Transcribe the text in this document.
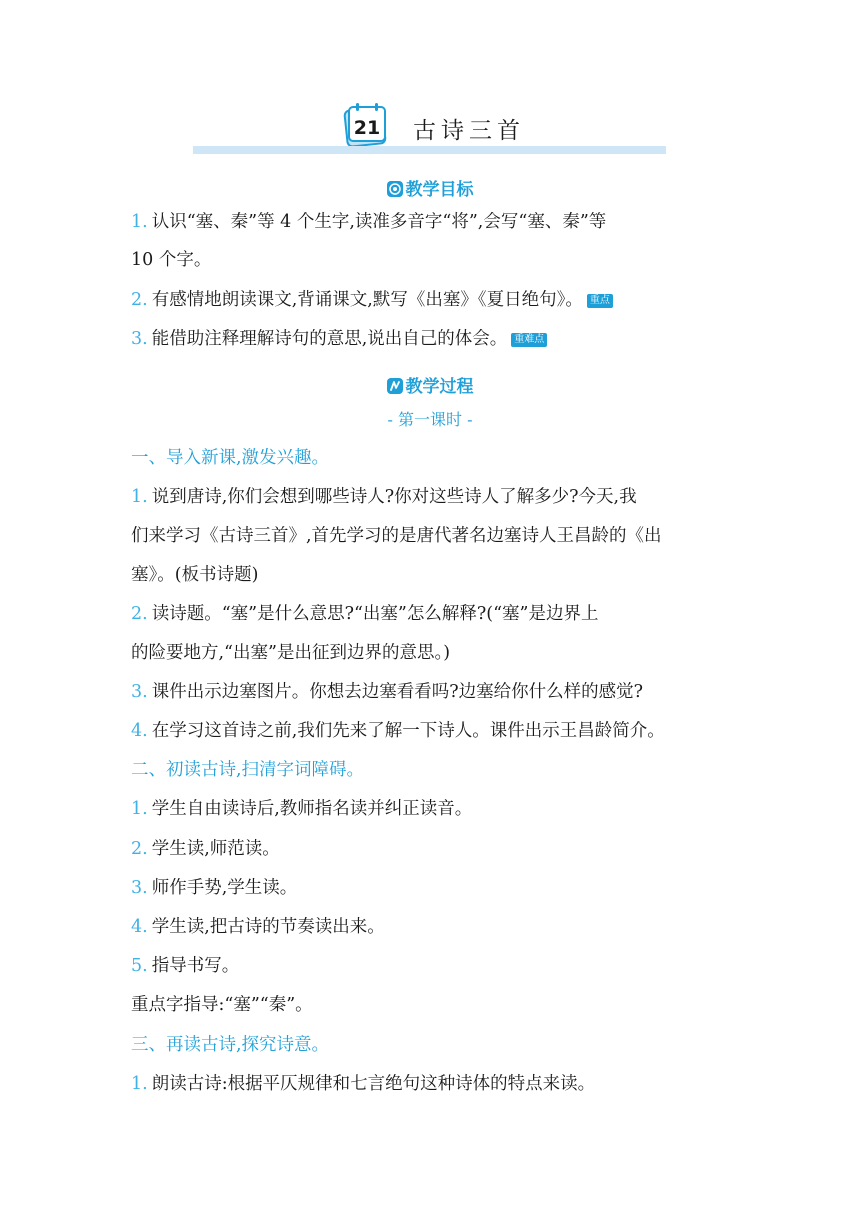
21 古诗三首
教学目标
1. 认识“塞、秦”等 4 个生字,读准多音字“将”,会写“塞、秦”等
10 个字。
2. 有感情地朗读课文,背诵课文,默写《出塞》《夏日绝句》。 重点
3. 能借助注释理解诗句的意思,说出自己的体会。 重难点
教学过程
- 第一课时 -
一、导入新课,激发兴趣。
1. 说到唐诗,你们会想到哪些诗人?你对这些诗人了解多少?今天,我
们来学习《古诗三首》,首先学习的是唐代著名边塞诗人王昌龄的《出
塞》。(板书诗题)
2. 读诗题。“塞”是什么意思?“出塞”怎么解释?(“塞”是边界上
的险要地方,“出塞”是出征到边界的意思。)
3. 课件出示边塞图片。你想去边塞看看吗?边塞给你什么样的感觉?
4. 在学习这首诗之前,我们先来了解一下诗人。课件出示王昌龄简介。
二、初读古诗,扫清字词障碍。
1. 学生自由读诗后,教师指名读并纠正读音。
2. 学生读,师范读。
3. 师作手势,学生读。
4. 学生读,把古诗的节奏读出来。
5. 指导书写。
重点字指导:“塞”“秦”。
三、再读古诗,探究诗意。
1. 朗读古诗:根据平仄规律和七言绝句这种诗体的特点来读。
